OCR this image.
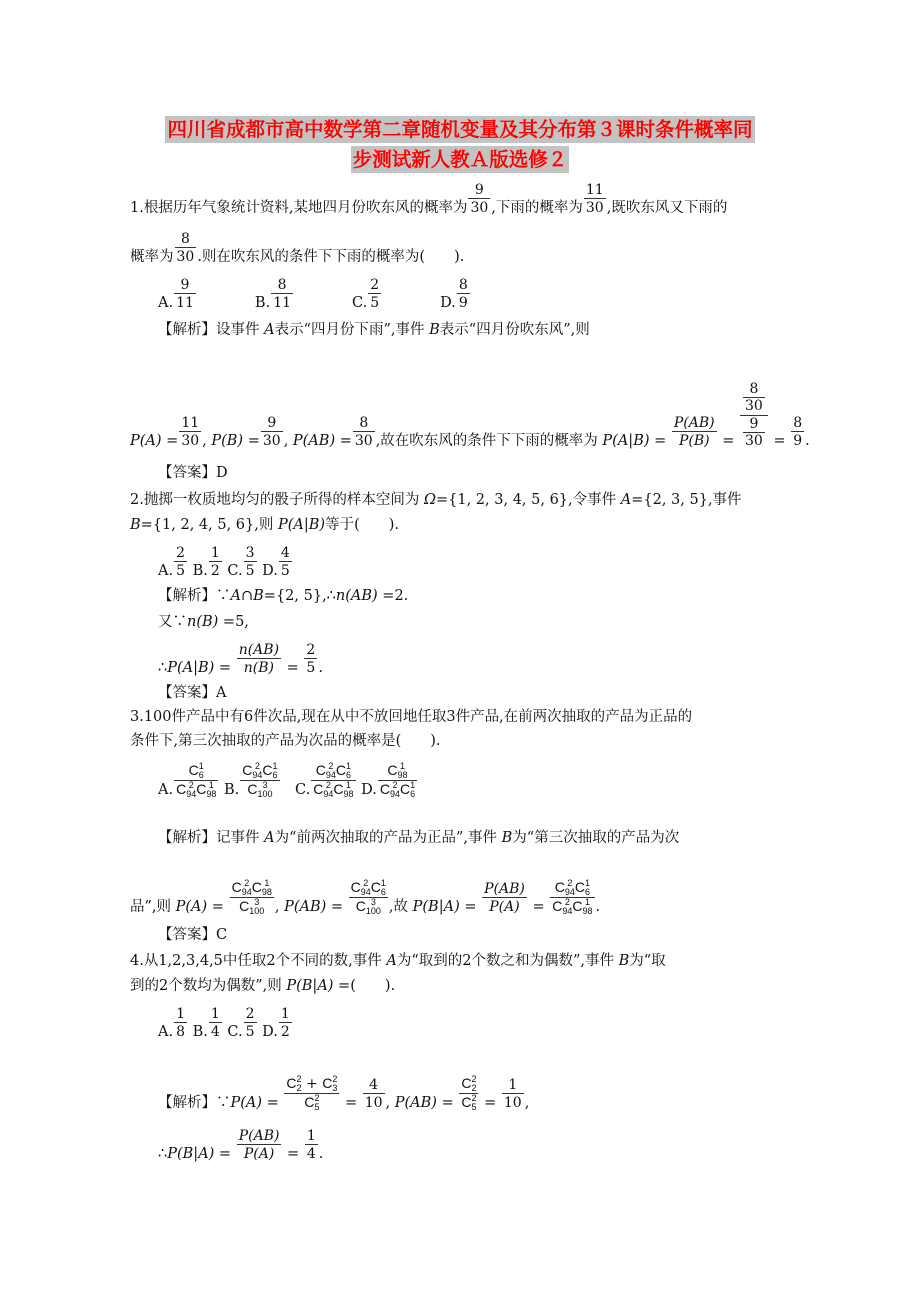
四川省成都市高中数学第二章随机变量及其分布第３课时条件概率同
步测试新人教Ａ版选修２
1.根据历年气象统计资料,某地四月份吹东风的概率为 $\frac{9}{30}$,下雨的概率为 $\frac{11}{30}$,既吹东风又下雨的
概率为 $\frac{8}{30}$.则在吹东风的条件下下雨的概率为(　　).
A. $\frac{9}{11}$　　　　B. $\frac{8}{11}$　　　　C. $\frac{2}{5}$　　　　D. $\frac{8}{9}$
【解析】设事件 A表示“四月份下雨”,事件 B表示“四月份吹东风”,则
$P(A) = \frac{11}{30}$, $P(B) = \frac{9}{30}$, $P(AB) = \frac{8}{30}$,故在吹东风的条件下下雨的概率为 $P(A|B) = \frac{P(AB)}{P(B)} = \frac{\frac{8}{30}}{\frac{9}{30}} = \frac{8}{9}$.
【答案】D
2.抛掷一枚质地均匀的骰子所得的样本空间为 Ω={1, 2, 3, 4, 5, 6},令事件 A={2, 3, 5},事件
B={1, 2, 4, 5, 6},则 P(A|B)等于(　　).
A. $\frac{2}{5} B$. $\frac{1}{2} C$. $\frac{3}{5} D$. $\frac{4}{5}$
【解析】∵A∩B={2, 5},∴n(AB) =2.
又∵n(B) =5,
∴P(A|B) = $\frac{n(AB)}{n(B)} = \frac{2}{5}$.
【答案】A
3.100件产品中有6件次品,现在从中不放回地任取3件产品,在前两次抽取的产品为正品的
条件下,第三次抽取的产品为次品的概率是(　　).
A. C 1
6
C 2
94 C 1
98 B. C 2
94 C 1
6
C 3
100 　C. C 2
94 C 1
6
C 2
94 C 1
98 D. C 1
98
C 2
94 C 1
6
【解析】记事件 A为“前两次抽取的产品为正品”,事件 B为“第三次抽取的产品为次
品”,则 P(A) = C 2
94 C 1
98
C 3
100 , P(AB) = C 2
94 C 1
6
C 3
100 ,故 $P(B|A) = \frac{P(AB)}{P(A)} = C$ 2
94 C 1
6
C 2
94 C 1
98 .
【答案】C
4.从1,2,3,4,5中任取2个不同的数,事件 A为“取到的2个数之和为偶数”,事件 B为“取
到的2个数均为偶数”,则 P(B|A) =(　　).
A. $\frac{1}{8} B$. $\frac{1}{4} C$. $\frac{2}{5} D$. $\frac{1}{2}$
【解析】∵P(A) = C 2
2 + C 2
3
C 2
$5 = \frac{4}{10}$, P(AB) = C 2
2
C 2
$5 = \frac{1}{10}$,
∴P(B|A) = $\frac{P(AB)}{P(A)} = \frac{1}{4}$.
